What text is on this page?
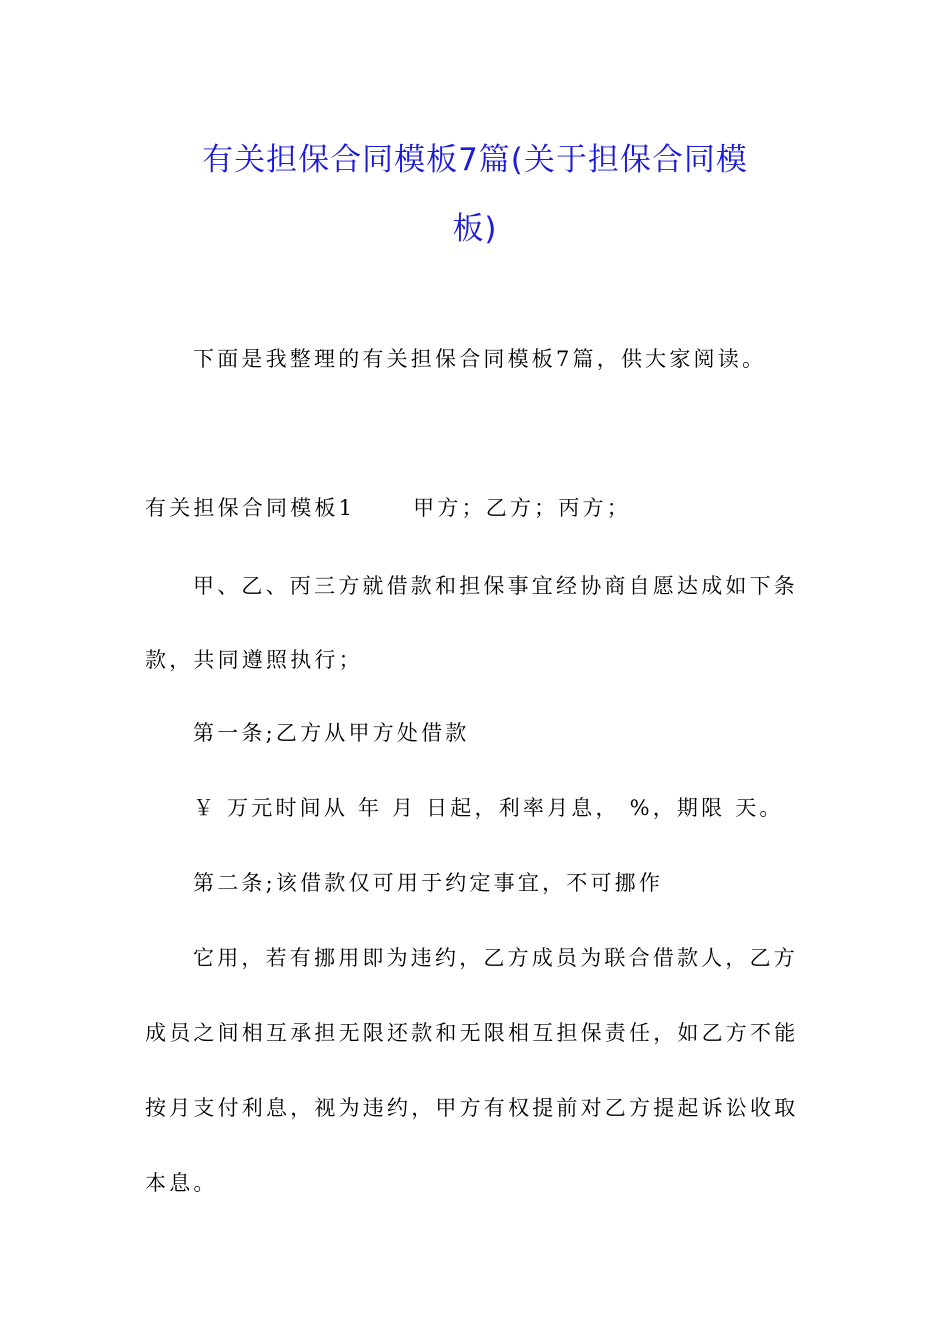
有关担保合同模板7篇(关于担保合同模
板)
下面是我整理的有关担保合同模板7篇，供大家阅读。
有关担保合同模板1	甲方；乙方；丙方；
甲、乙、丙三方就借款和担保事宜经协商自愿达成如下条
款，共同遵照执行；
第一条;乙方从甲方处借款
￥ 万元时间从 年 月 日起，利率月息， %，期限 天。
第二条;该借款仅可用于约定事宜，不可挪作
它用，若有挪用即为违约，乙方成员为联合借款人，乙方
成员之间相互承担无限还款和无限相互担保责任，如乙方不能
按月支付利息，视为违约，甲方有权提前对乙方提起诉讼收取
本息。
